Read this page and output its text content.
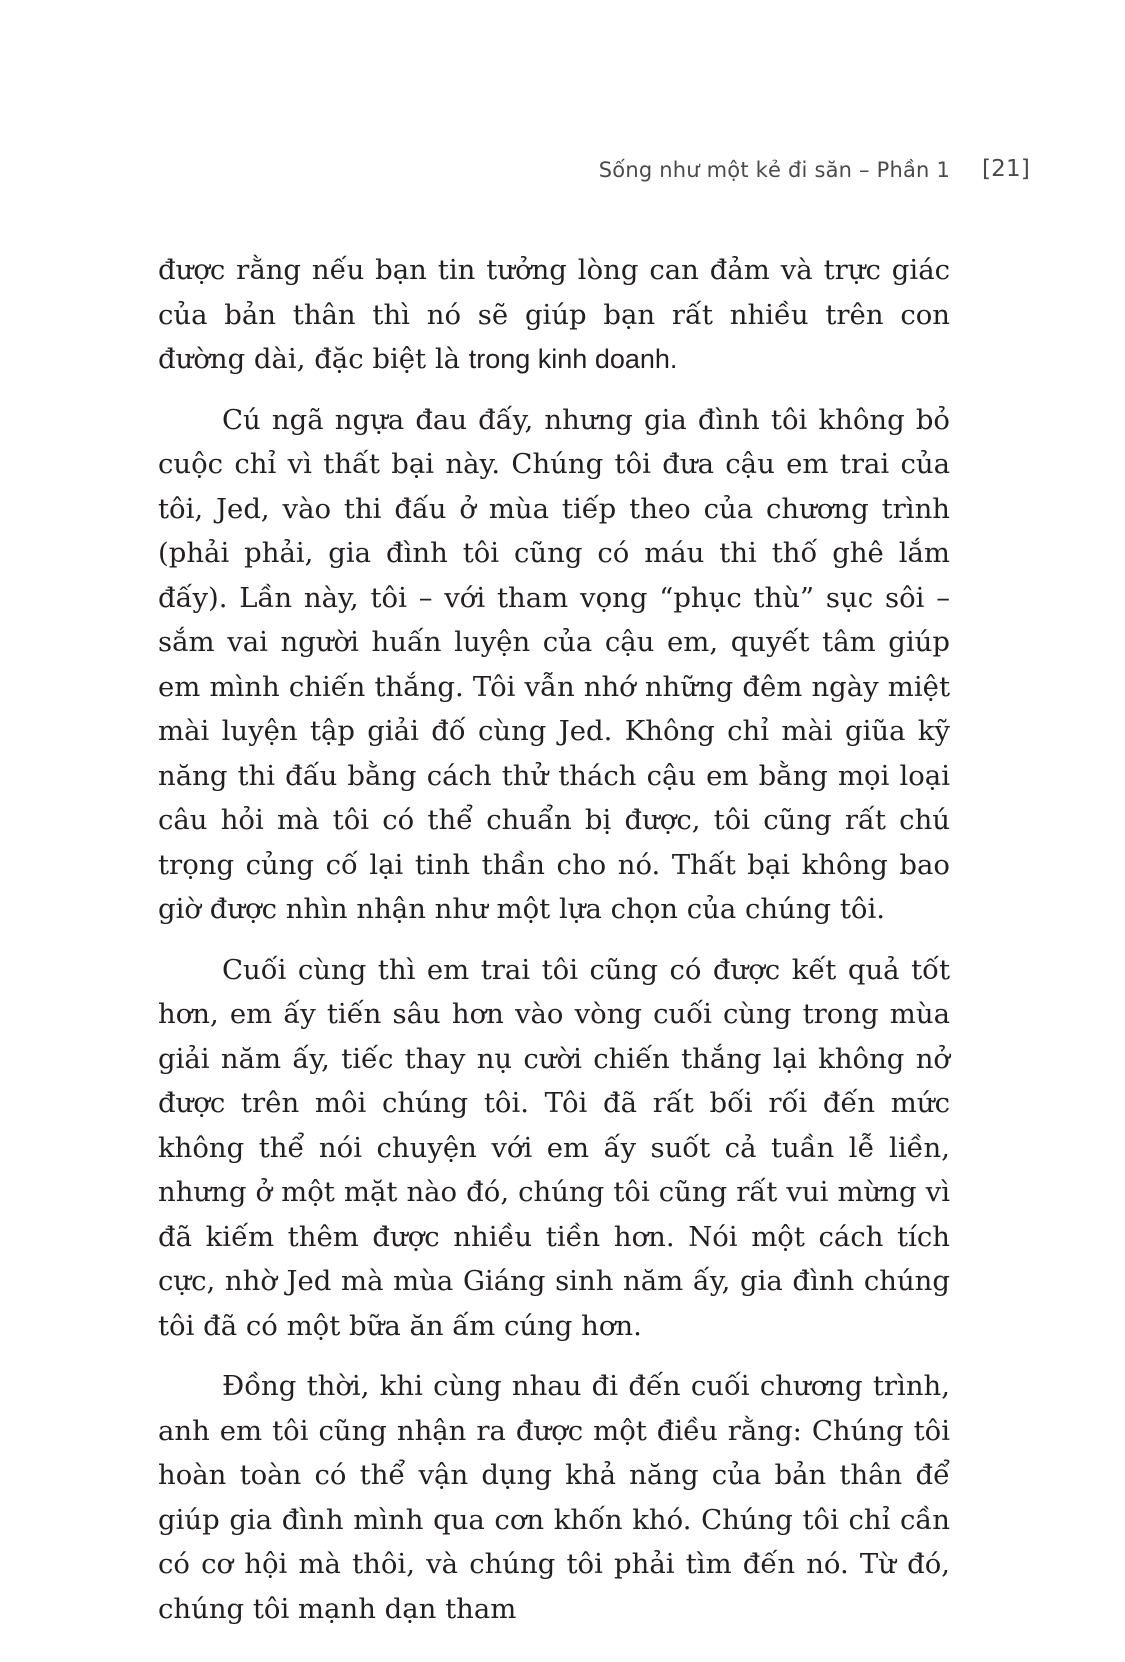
Sống như một kẻ đi săn – Phần 1 [21]

được rằng nếu bạn tin tưởng lòng can đảm và trực giác của bản thân thì nó sẽ giúp bạn rất nhiều trên con đường dài, đặc biệt là trong kinh doanh.

Cú ngã ngựa đau đấy, nhưng gia đình tôi không bỏ cuộc chỉ vì thất bại này. Chúng tôi đưa cậu em trai của tôi, Jed, vào thi đấu ở mùa tiếp theo của chương trình (phải phải, gia đình tôi cũng có máu thi thố ghê lắm đấy). Lần này, tôi – với tham vọng “phục thù” sục sôi – sắm vai người huấn luyện của cậu em, quyết tâm giúp em mình chiến thắng. Tôi vẫn nhớ những đêm ngày miệt mài luyện tập giải đố cùng Jed. Không chỉ mài giũa kỹ năng thi đấu bằng cách thử thách cậu em bằng mọi loại câu hỏi mà tôi có thể chuẩn bị được, tôi cũng rất chú trọng củng cố lại tinh thần cho nó. Thất bại không bao giờ được nhìn nhận như một lựa chọn của chúng tôi.

Cuối cùng thì em trai tôi cũng có được kết quả tốt hơn, em ấy tiến sâu hơn vào vòng cuối cùng trong mùa giải năm ấy, tiếc thay nụ cười chiến thắng lại không nở được trên môi chúng tôi. Tôi đã rất bối rối đến mức không thể nói chuyện với em ấy suốt cả tuần lễ liền, nhưng ở một mặt nào đó, chúng tôi cũng rất vui mừng vì đã kiếm thêm được nhiều tiền hơn. Nói một cách tích cực, nhờ Jed mà mùa Giáng sinh năm ấy, gia đình chúng tôi đã có một bữa ăn ấm cúng hơn.

Đồng thời, khi cùng nhau đi đến cuối chương trình, anh em tôi cũng nhận ra được một điều rằng: Chúng tôi hoàn toàn có thể vận dụng khả năng của bản thân để giúp gia đình mình qua cơn khốn khó. Chúng tôi chỉ cần có cơ hội mà thôi, và chúng tôi phải tìm đến nó. Từ đó, chúng tôi mạnh dạn tham
